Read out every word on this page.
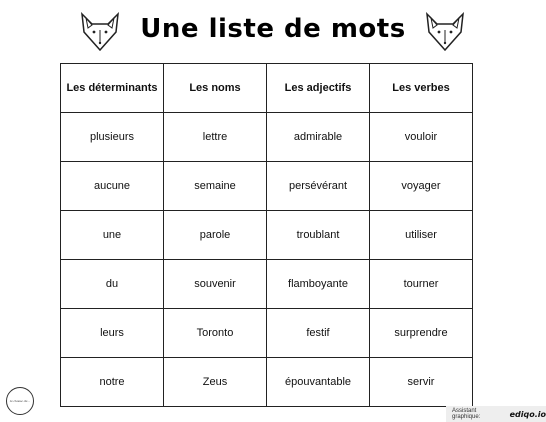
Une liste de mots
Les déterminants	Les noms	Les adjectifs	Les verbes
plusieurs	lettre	admirable	vouloir
aucune	semaine	persévérant	voyager
une	parole	troublant	utiliser
du	souvenir	flamboyante	tourner
leurs	Toronto	festif	surprendre
notre	Zeus	épouvantable	servir
la classe de...
Assistant graphique:	ediqo.io
